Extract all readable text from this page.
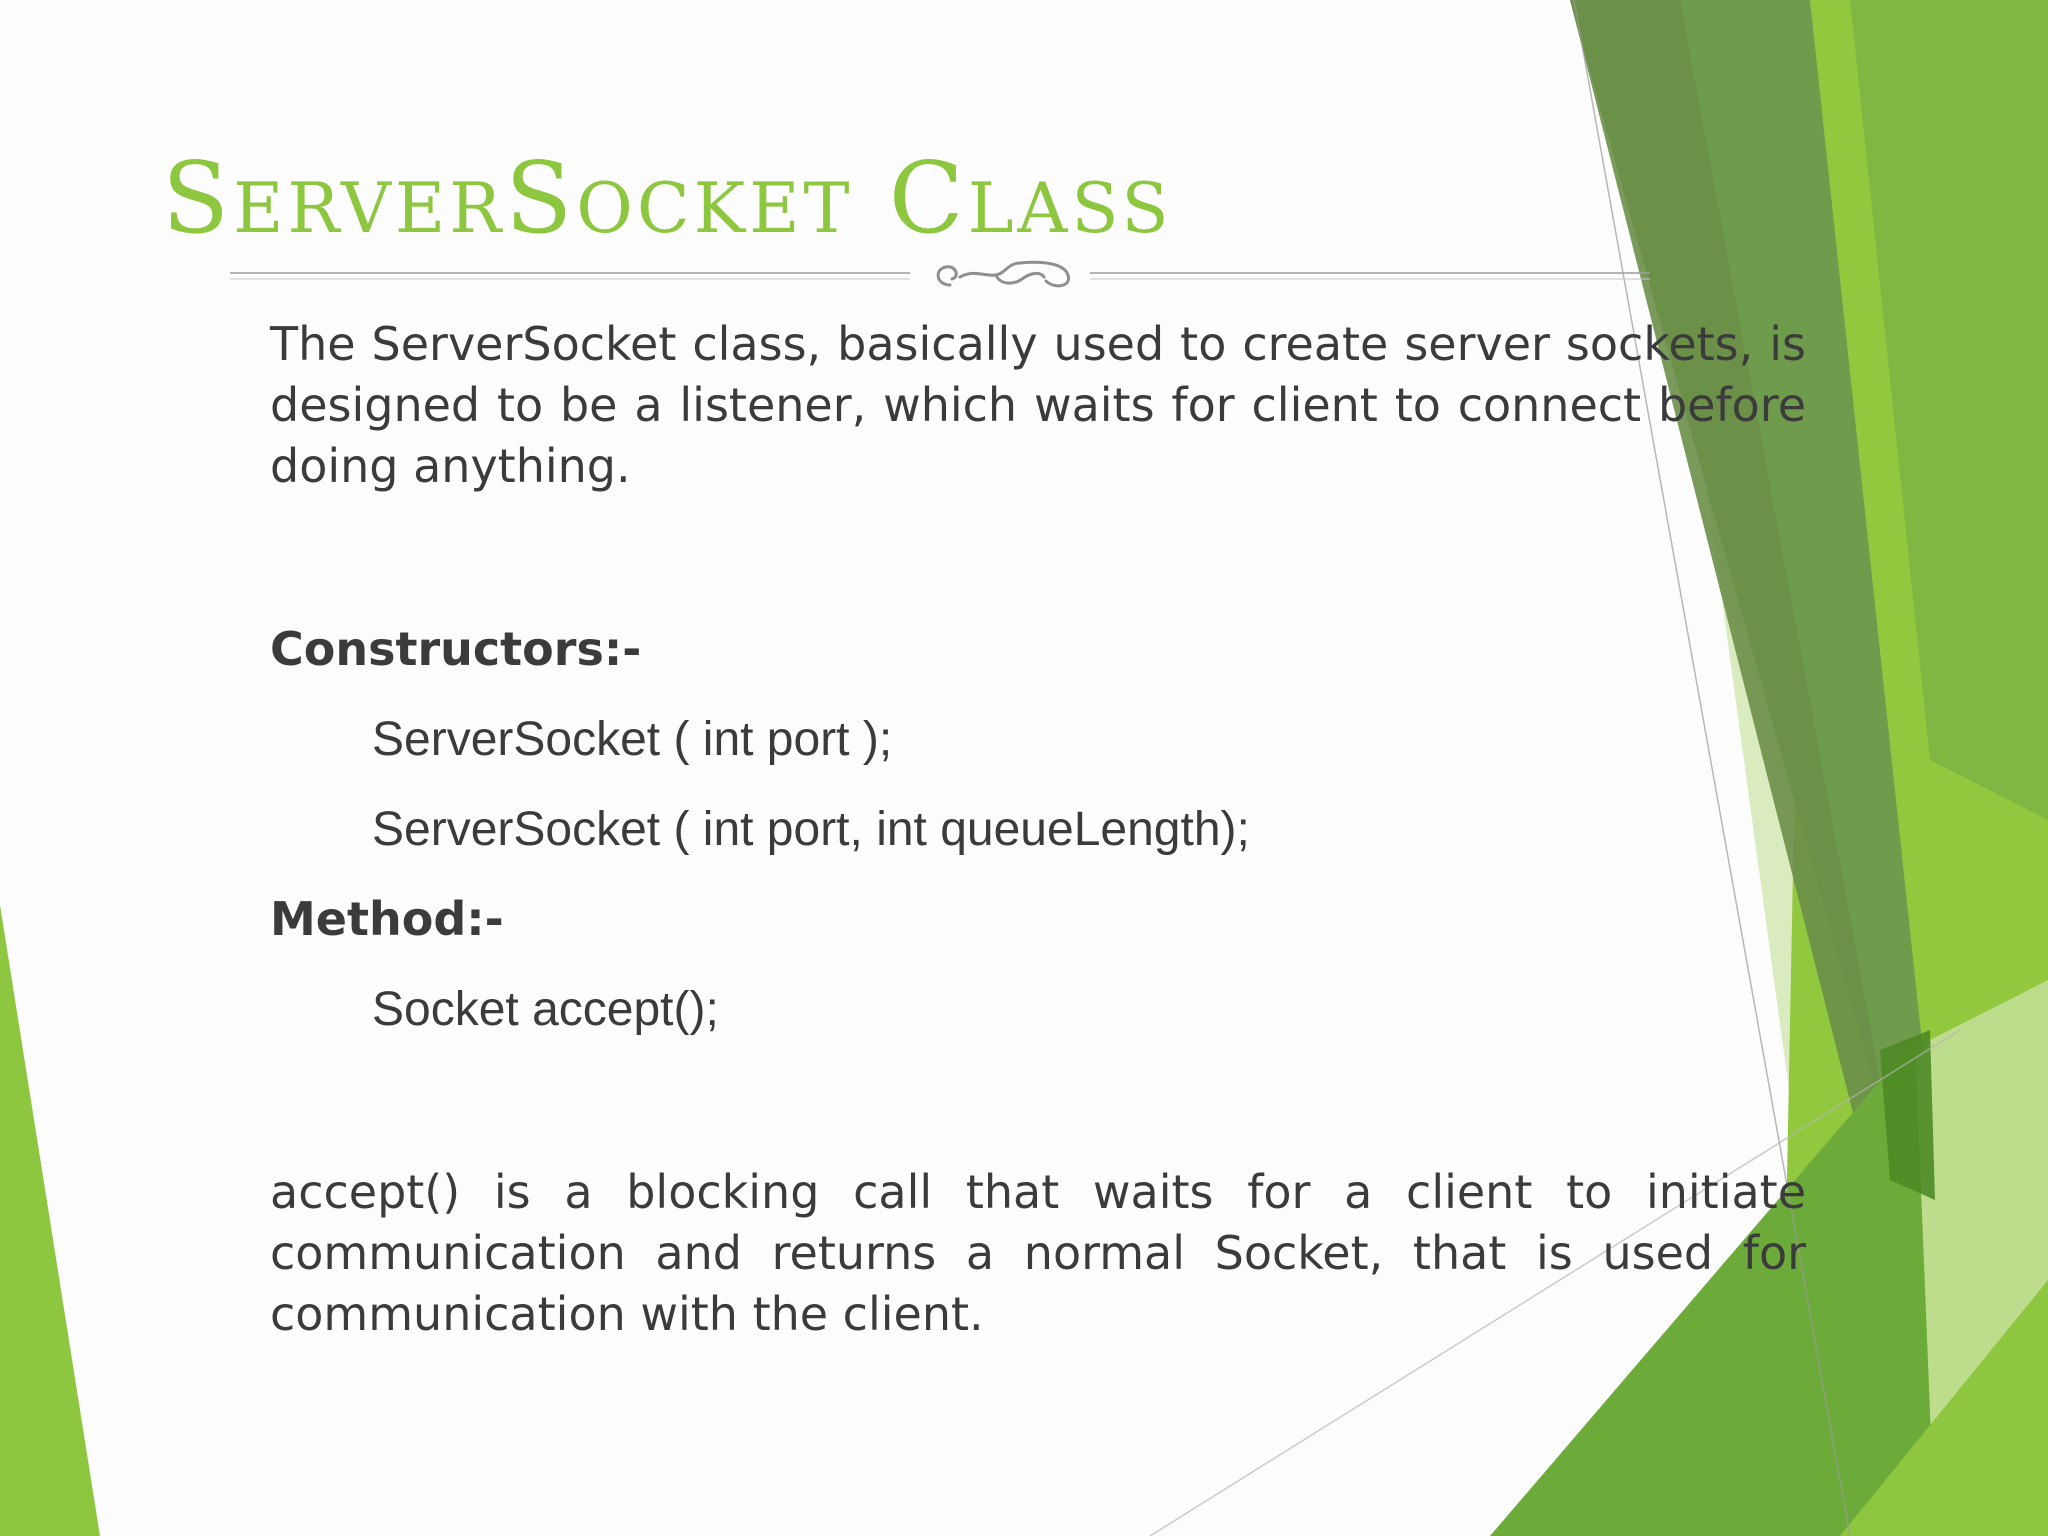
ServerSocket Class

The ServerSocket class, basically used to create server sockets, is designed to be a listener, which waits for client to connect before doing anything.

Constructors:-

ServerSocket ( int port );

ServerSocket ( int port, int queueLength);

Method:-

Socket accept();

accept() is a blocking call that waits for a client to initiate communication and returns a normal Socket, that is used for communication with the client.
